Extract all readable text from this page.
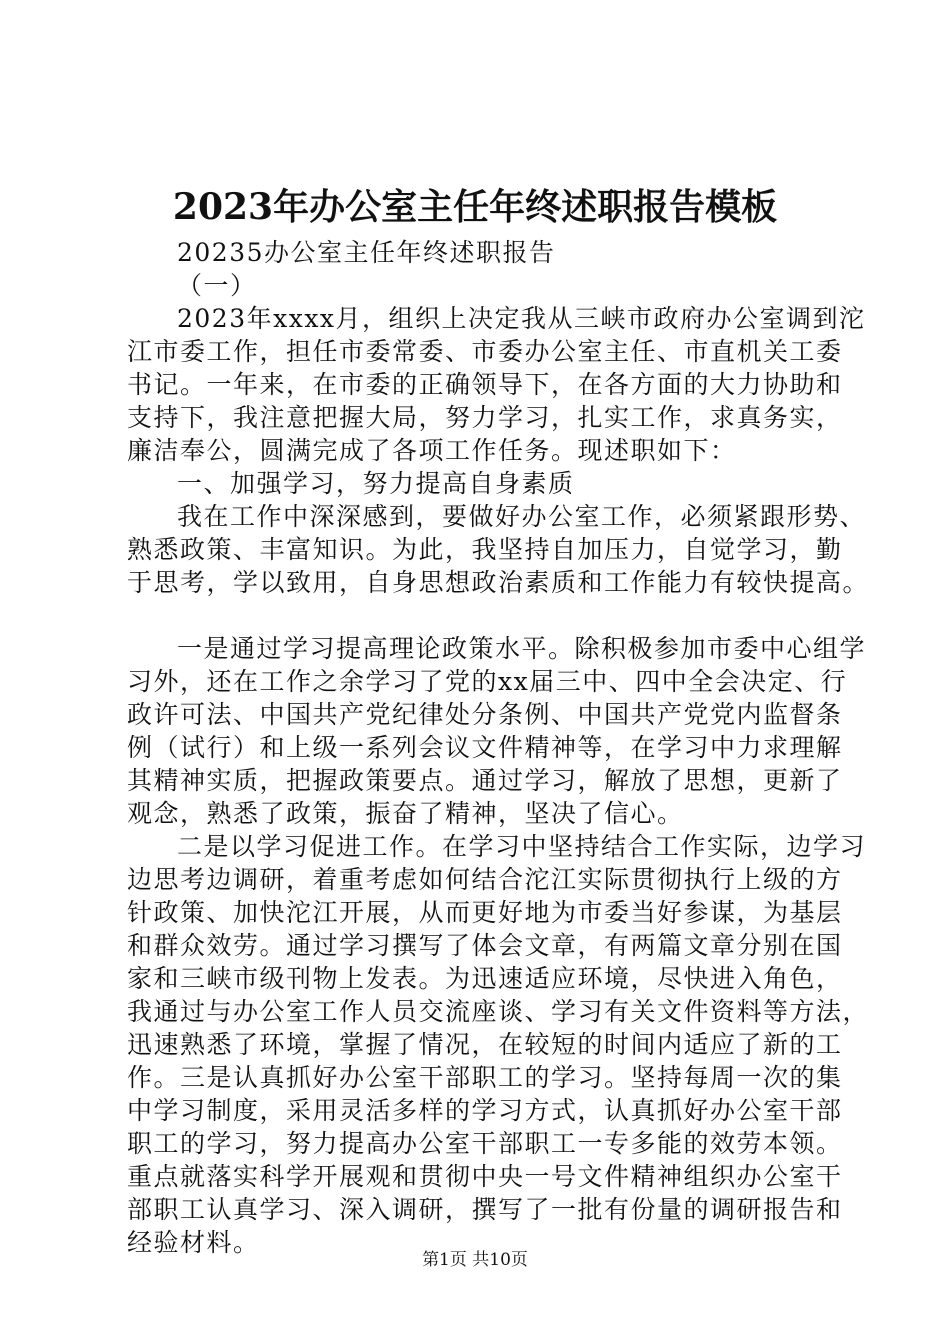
2023年办公室主任年终述职报告模板
20235办公室主任年终述职报告
（一）
2023年xxxx月，组织上决定我从三峡市政府办公室调到沱
江市委工作，担任市委常委、市委办公室主任、市直机关工委
书记。一年来，在市委的正确领导下，在各方面的大力协助和
支持下，我注意把握大局，努力学习，扎实工作，求真务实，
廉洁奉公，圆满完成了各项工作任务。现述职如下：
一、加强学习，努力提高自身素质
我在工作中深深感到，要做好办公室工作，必须紧跟形势、
熟悉政策、丰富知识。为此，我坚持自加压力，自觉学习，勤
于思考，学以致用，自身思想政治素质和工作能力有较快提高。
一是通过学习提高理论政策水平。除积极参加市委中心组学
习外，还在工作之余学习了党的xx届三中、四中全会决定、行
政许可法、中国共产党纪律处分条例、中国共产党党内监督条
例（试行）和上级一系列会议文件精神等，在学习中力求理解
其精神实质，把握政策要点。通过学习，解放了思想，更新了
观念，熟悉了政策，振奋了精神，坚决了信心。
二是以学习促进工作。在学习中坚持结合工作实际，边学习
边思考边调研，着重考虑如何结合沱江实际贯彻执行上级的方
针政策、加快沱江开展，从而更好地为市委当好参谋，为基层
和群众效劳。通过学习撰写了体会文章，有两篇文章分别在国
家和三峡市级刊物上发表。为迅速适应环境，尽快进入角色，
我通过与办公室工作人员交流座谈、学习有关文件资料等方法，
迅速熟悉了环境，掌握了情况，在较短的时间内适应了新的工
作。三是认真抓好办公室干部职工的学习。坚持每周一次的集
中学习制度，采用灵活多样的学习方式，认真抓好办公室干部
职工的学习，努力提高办公室干部职工一专多能的效劳本领。
重点就落实科学开展观和贯彻中央一号文件精神组织办公室干
部职工认真学习、深入调研，撰写了一批有份量的调研报告和
经验材料。
第1页 共10页
